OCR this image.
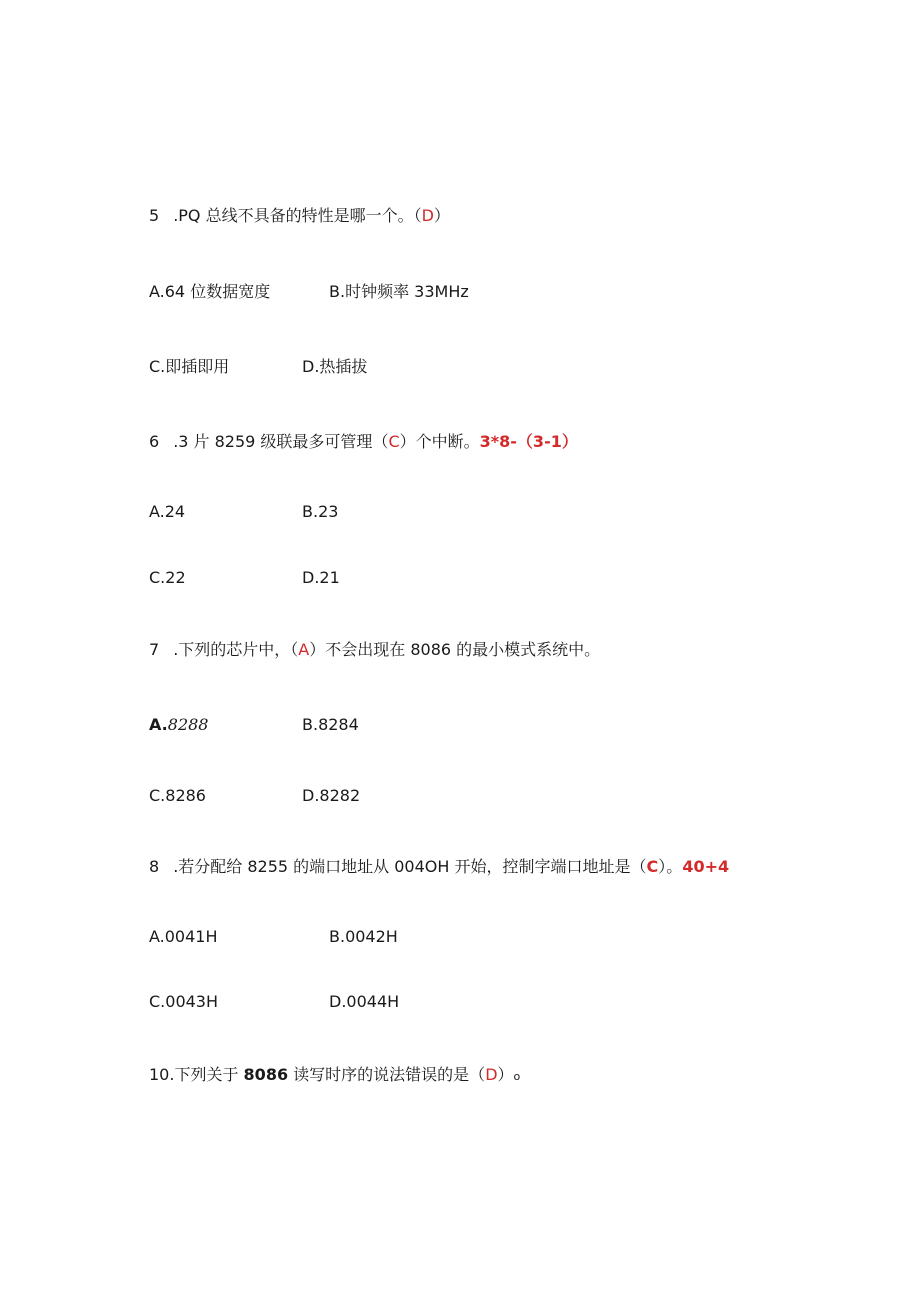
5 .PQ 总线不具备的特性是哪一个。（D）
A.64 位数据宽度	B.时钟频率 33MHz
C.即插即用	D.热插拔
6 .3 片 8259 级联最多可管理（C）个中断。3*8-（3-1）
A.24	B.23
C.22	D.21
7 .下列的芯片中，（A）不会出现在 8086 的最小模式系统中。
A.8288	B.8284
C.8286	D.8282
8 .若分配给 8255 的端口地址从 004OH 开始，控制字端口地址是（C）。40+4
A.0041H	B.0042H
C.0043H	D.0044H
10.下列关于 8086 读写时序的说法错误的是（D）o
